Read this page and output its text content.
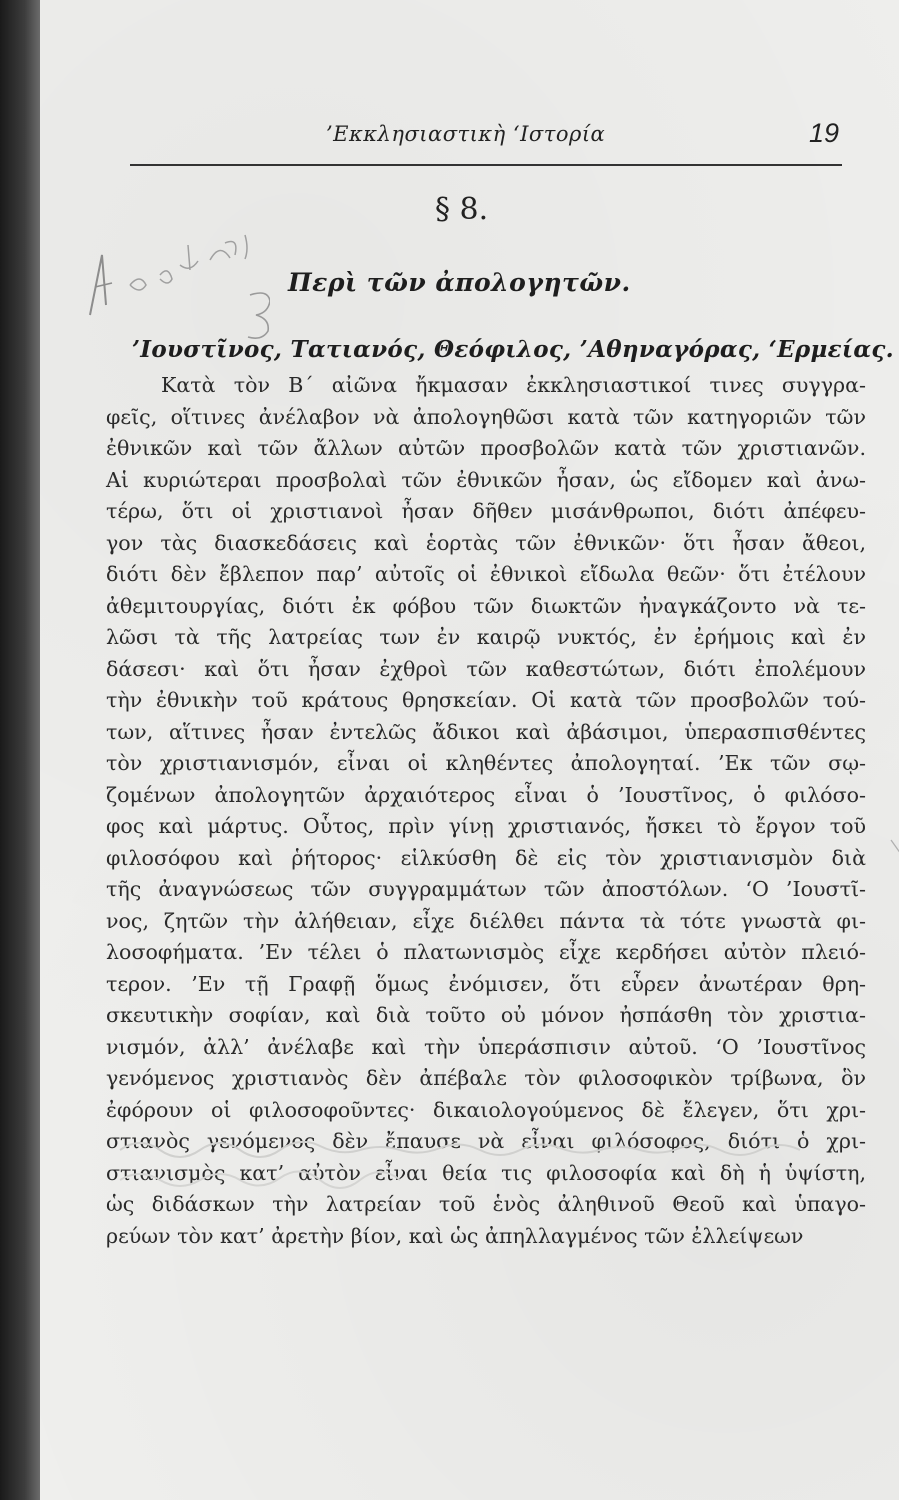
’Εκκλησιαστικὴ ‘Ιστορία	19
§ 8.
Περὶ τῶν ἀπολογητῶν.
’Ιουστῖνος, Τατιανός, Θεόφιλος, ’Αθηναγόρας, ‘Ερμείας.
Κατὰ τὸν Β΄ αἰῶνα ἤκμασαν ἐκκλησιαστικοί τινες συγγρα-
φεῖς, οἵτινες ἀνέλαβον νὰ ἀπολογηθῶσι κατὰ τῶν κατηγοριῶν τῶν
ἐθνικῶν καὶ τῶν ἄλλων αὐτῶν προσβολῶν κατὰ τῶν χριστιανῶν.
Αἱ κυριώτεραι προσβολαὶ τῶν ἐθνικῶν ἦσαν, ὡς εἴδομεν καὶ ἀνω-
τέρω, ὅτι οἱ χριστιανοὶ ἦσαν δῆθεν μισάνθρωποι, διότι ἀπέφευ-
γον τὰς διασκεδάσεις καὶ ἑορτὰς τῶν ἐθνικῶν· ὅτι ἦσαν ἄθεοι,
διότι δὲν ἔβλεπον παρ’ αὐτοῖς οἱ ἐθνικοὶ εἴδωλα θεῶν· ὅτι ἐτέλουν
ἀθεμιτουργίας, διότι ἐκ φόβου τῶν διωκτῶν ἠναγκάζοντο νὰ τε-
λῶσι τὰ τῆς λατρείας των ἐν καιρῷ νυκτός, ἐν ἐρήμοις καὶ ἐν
δάσεσι· καὶ ὅτι ἦσαν ἐχθροὶ τῶν καθεστώτων, διότι ἐπολέμουν
τὴν ἐθνικὴν τοῦ κράτους θρησκείαν. Οἱ κατὰ τῶν προσβολῶν τού-
των, αἵτινες ἦσαν ἐντελῶς ἄδικοι καὶ ἀβάσιμοι, ὑπερασπισθέντες
τὸν χριστιανισμόν, εἶναι οἱ κληθέντες ἀπολογηταί. ’Εκ τῶν σῳ-
ζομένων ἀπολογητῶν ἀρχαιότερος εἶναι ὁ ’Ιουστῖνος, ὁ φιλόσο-
φος καὶ μάρτυς. Οὗτος, πρὶν γίνῃ χριστιανός, ἤσκει τὸ ἔργον τοῦ
φιλοσόφου καὶ ῥήτορος· εἱλκύσθη δὲ εἰς τὸν χριστιανισμὸν διὰ
τῆς ἀναγνώσεως τῶν συγγραμμάτων τῶν ἀποστόλων. ‘Ο ’Ιουστῖ-
νος, ζητῶν τὴν ἀλήθειαν, εἶχε διέλθει πάντα τὰ τότε γνωστὰ φι-
λοσοφήματα. ’Εν τέλει ὁ πλατωνισμὸς εἶχε κερδήσει αὐτὸν πλειό-
τερον. ’Εν τῇ Γραφῇ ὅμως ἐνόμισεν, ὅτι εὗρεν ἀνωτέραν θρη-
σκευτικὴν σοφίαν, καὶ διὰ τοῦτο οὐ μόνον ἠσπάσθη τὸν χριστια-
νισμόν, ἀλλ’ ἀνέλαβε καὶ τὴν ὑπεράσπισιν αὐτοῦ. ‘Ο ’Ιουστῖνος
γενόμενος χριστιανὸς δὲν ἀπέβαλε τὸν φιλοσοφικὸν τρίβωνα, ὃν
ἐφόρουν οἱ φιλοσοφοῦντες· δικαιολογούμενος δὲ ἔλεγεν, ὅτι χρι-
στιανὸς γενόμενος δὲν ἔπαυσε νὰ εἶναι φιλόσοφος, διότι ὁ χρι-
στιανισμὸς κατ’ αὐτὸν εἶναι θεία τις φιλοσοφία καὶ δὴ ἡ ὑψίστη,
ὡς διδάσκων τὴν λατρείαν τοῦ ἑνὸς ἀληθινοῦ Θεοῦ καὶ ὑπαγο-
ρεύων τὸν κατ’ ἀρετὴν βίον, καὶ ὡς ἀπηλλαγμένος τῶν ἐλλείψεων
